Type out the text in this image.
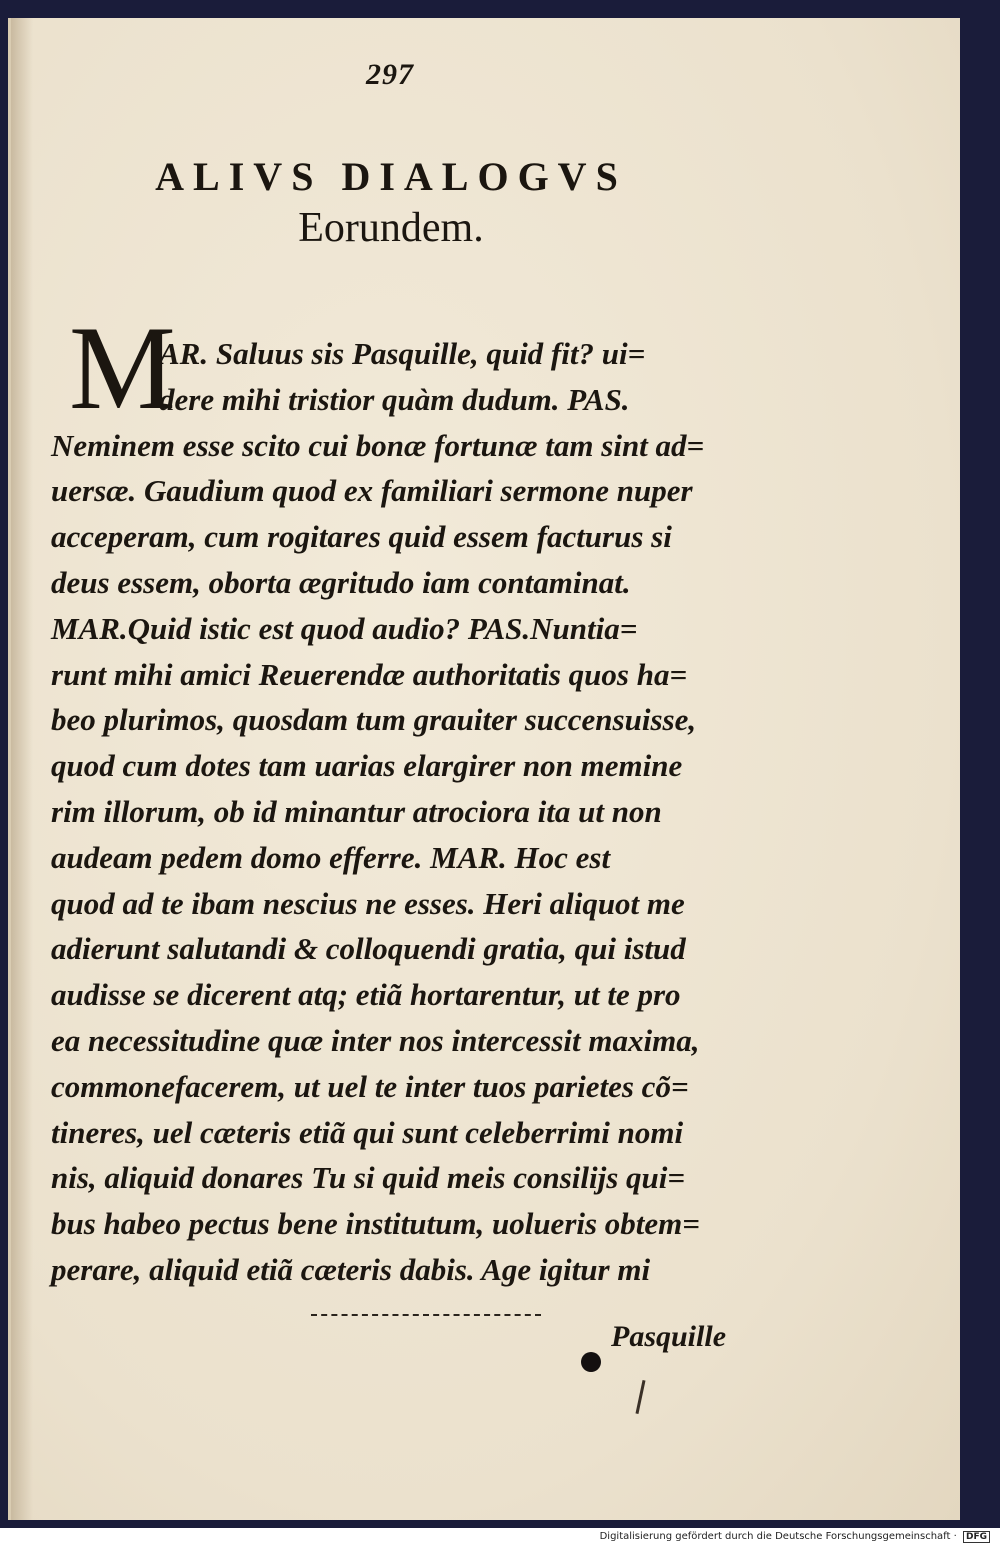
297
ALIVS DIALOGVS
Eorundem.
M
AR. Saluus sis Pasquille, quid fit? ui=
dere mihi tristior quàm dudum. PAS.
Neminem esse scito cui bonæ fortunæ tam sint ad=
uersæ. Gaudium quod ex familiari sermone nuper
acceperam, cum rogitares quid essem facturus si
deus essem, oborta ægritudo iam contaminat.
MAR.Quid istic est quod audio? PAS.Nuntia=
runt mihi amici Reuerendæ authoritatis quos ha=
beo plurimos, quosdam tum grauiter succensuisse,
quod cum dotes tam uarias elargirer non memine
rim illorum, ob id minantur atrociora ita ut non
audeam pedem domo efferre. MAR. Hoc est
quod ad te ibam nescius ne esses. Heri aliquot me
adierunt salutandi & colloquendi gratia, qui istud
audisse se dicerent atq; etiã hortarentur, ut te pro
ea necessitudine quæ inter nos intercessit maxima,
commonefacerem, ut uel te inter tuos parietes cõ=
tineres, uel cæteris etiã qui sunt celeberrimi nomi
nis, aliquid donares Tu si quid meis consilijs qui=
bus habeo pectus bene institutum, uolueris obtem=
perare, aliquid etiã cæteris dabis. Age igitur mi
Pasquille
Digitalisierung gefördert durch die Deutsche Forschungsgemeinschaft · DFG
